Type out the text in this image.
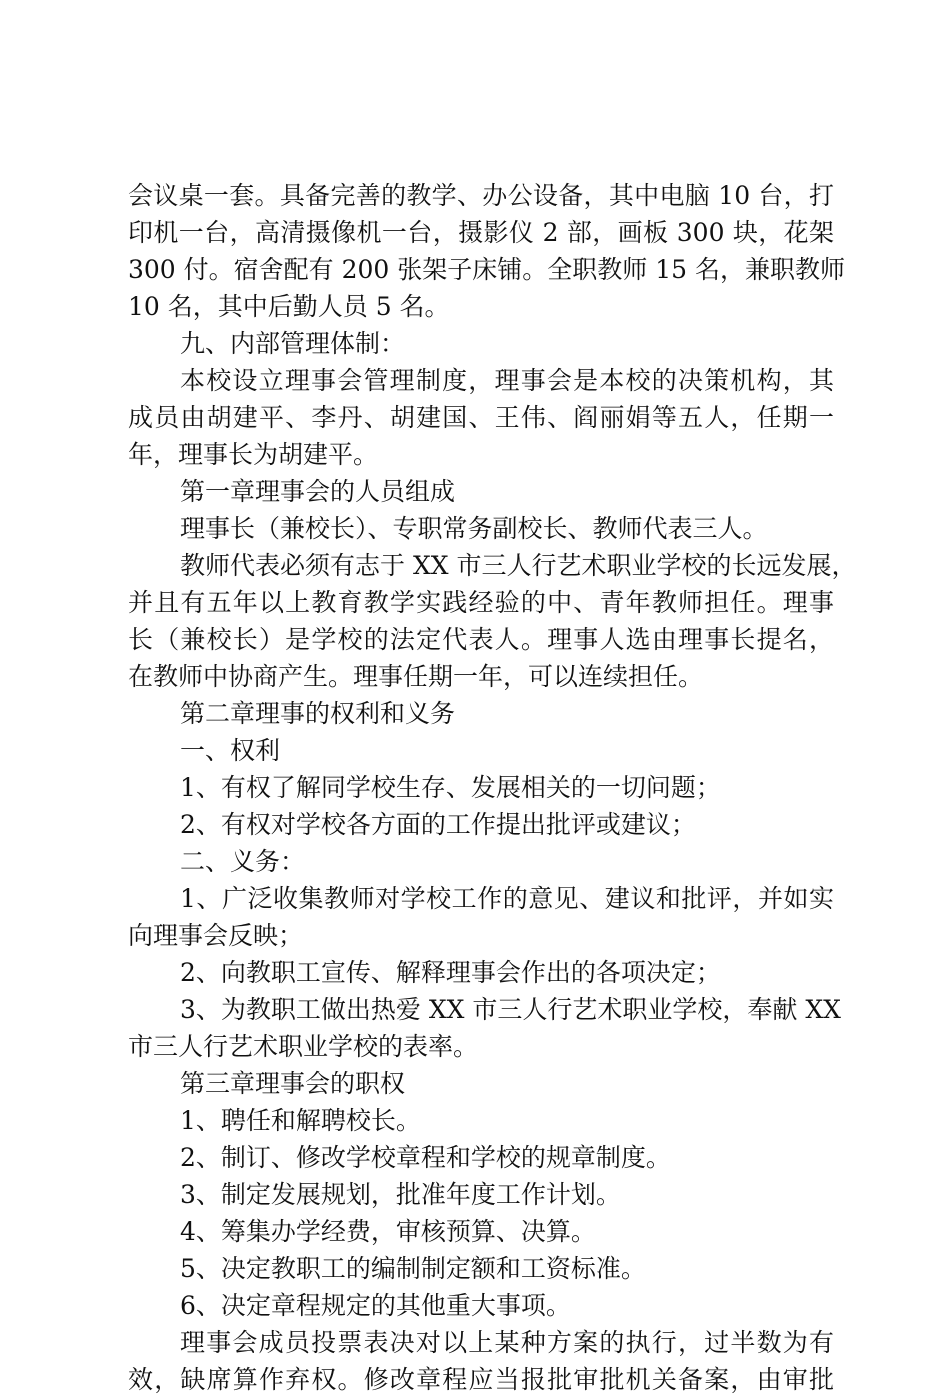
会议桌一套。具备完善的教学、办公设备，其中电脑 10 台，打
印机一台，高清摄像机一台，摄影仪 2 部，画板 300 块，花架
300 付。宿舍配有 200 张架子床铺。全职教师 15 名，兼职教师
10 名，其中后勤人员 5 名。
九、内部管理体制：
本校设立理事会管理制度，理事会是本校的决策机构，其
成员由胡建平、李丹、胡建国、王伟、阎丽娟等五人，任期一
年，理事长为胡建平。
第一章理事会的人员组成
理事长（兼校长）、专职常务副校长、教师代表三人。
教师代表必须有志于 XX 市三人行艺术职业学校的长远发展，
并且有五年以上教育教学实践经验的中、青年教师担任。理事
长（兼校长）是学校的法定代表人。理事人选由理事长提名，
在教师中协商产生。理事任期一年，可以连续担任。
第二章理事的权利和义务
一、权利
1、有权了解同学校生存、发展相关的一切问题；
2、有权对学校各方面的工作提出批评或建议；
二、义务：
1、广泛收集教师对学校工作的意见、建议和批评，并如实
向理事会反映；
2、向教职工宣传、解释理事会作出的各项决定；
3、为教职工做出热爱 XX 市三人行艺术职业学校，奉献 XX
市三人行艺术职业学校的表率。
第三章理事会的职权
1、聘任和解聘校长。
2、制订、修改学校章程和学校的规章制度。
3、制定发展规划，批准年度工作计划。
4、筹集办学经费，审核预算、决算。
5、决定教职工的编制制定额和工资标准。
6、决定章程规定的其他重大事项。
理事会成员投票表决对以上某种方案的执行，过半数为有
效，缺席算作弃权。修改章程应当报批审批机关备案，由审批
